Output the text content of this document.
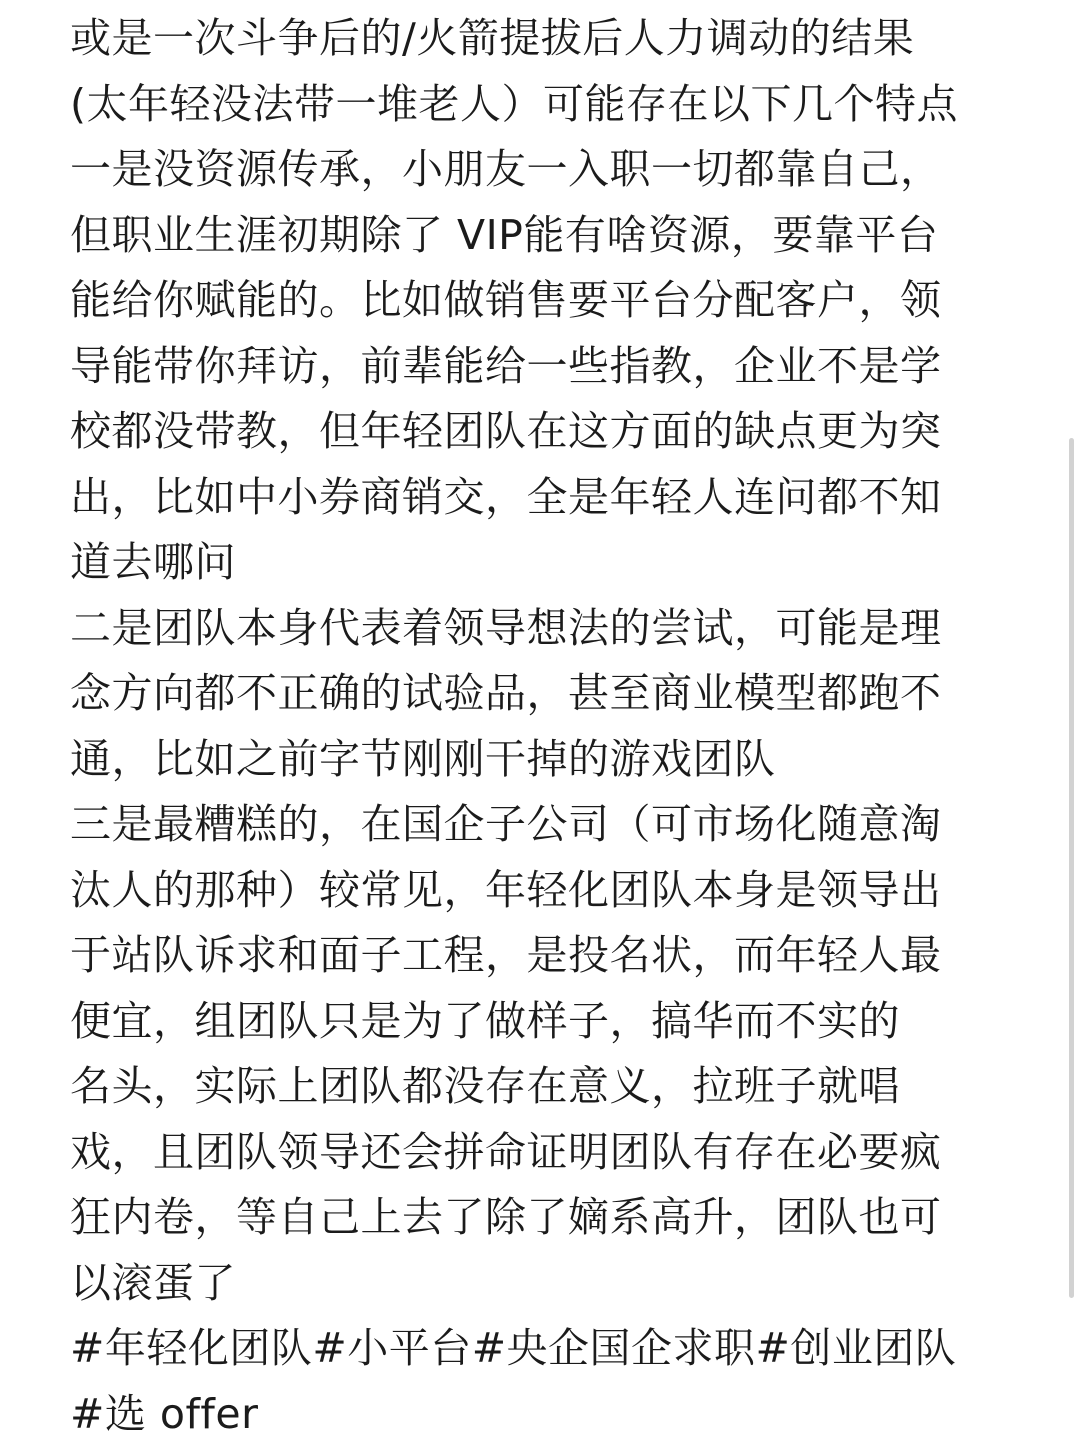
或是一次斗争后的/火箭提拔后人力调动的结果
(太年轻没法带一堆老人）可能存在以下几个特点
一是没资源传承，小朋友一入职一切都靠自己，
但职业生涯初期除了 VIP能有啥资源，要靠平台
能给你赋能的。比如做销售要平台分配客户，领
导能带你拜访，前辈能给一些指教，企业不是学
校都没带教，但年轻团队在这方面的缺点更为突
出，比如中小券商销交，全是年轻人连问都不知
道去哪问
二是团队本身代表着领导想法的尝试，可能是理
念方向都不正确的试验品，甚至商业模型都跑不
通，比如之前字节刚刚干掉的游戏团队
三是最糟糕的，在国企子公司（可市场化随意淘
汰人的那种）较常见，年轻化团队本身是领导出
于站队诉求和面子工程，是投名状，而年轻人最
便宜，组团队只是为了做样子，搞华而不实的
名头，实际上团队都没存在意义，拉班子就唱
戏，且团队领导还会拼命证明团队有存在必要疯
狂内卷，等自己上去了除了嫡系高升，团队也可
以滚蛋了
#年轻化团队#小平台#央企国企求职#创业团队
#选 offer
